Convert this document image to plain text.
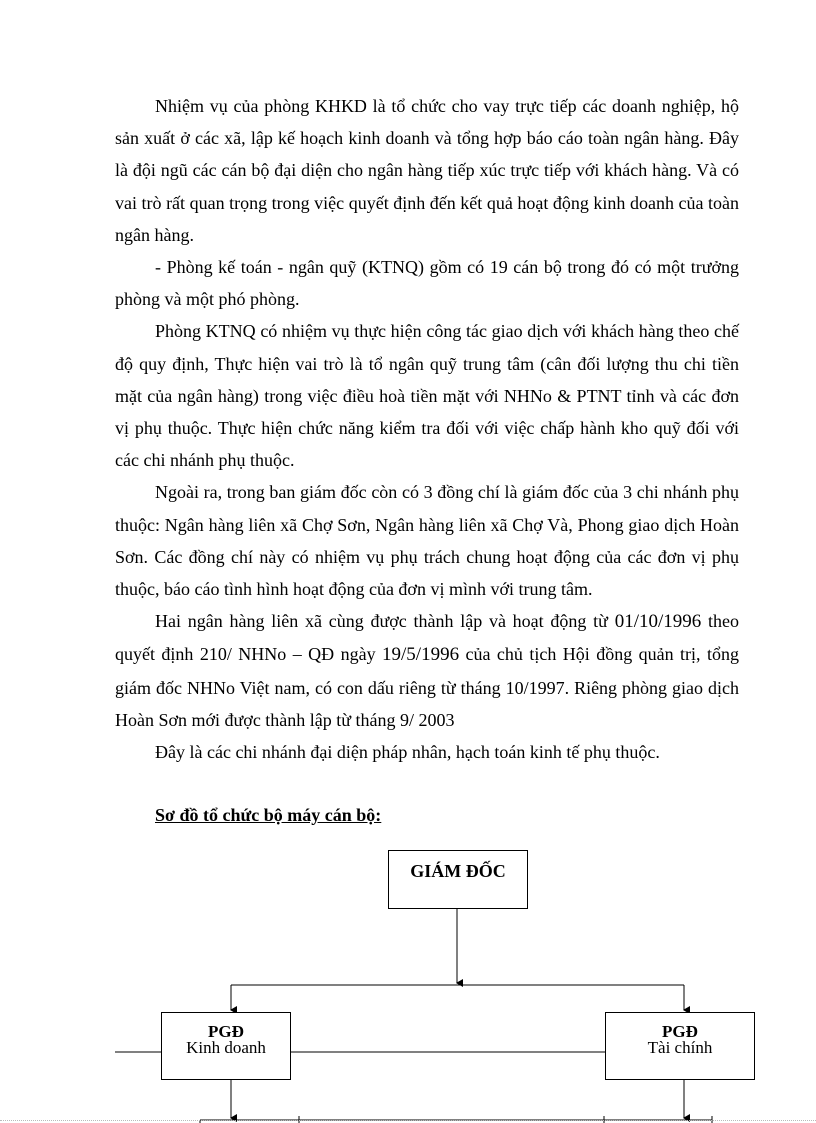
Nhiệm vụ của phòng KHKD là tổ chức cho vay trực tiếp các doanh nghiệp, hộ sản xuất ở các xã, lập kế hoạch kinh doanh và tổng hợp báo cáo toàn ngân hàng. Đây là đội ngũ các cán bộ đại diện cho ngân hàng tiếp xúc trực tiếp với khách hàng. Và có vai trò rất quan trọng trong việc quyết định đến kết quả hoạt động kinh doanh của toàn ngân hàng.

- Phòng kế toán - ngân quỹ (KTNQ) gồm có 19 cán bộ trong đó có một trưởng phòng và một phó phòng.

Phòng KTNQ có nhiệm vụ thực hiện công tác giao dịch với khách hàng theo chế độ quy định, Thực hiện vai trò là tổ ngân quỹ trung tâm (cân đối lượng thu chi tiền mặt của ngân hàng) trong việc điều hoà tiền mặt với NHNo & PTNT tỉnh và các đơn vị phụ thuộc. Thực hiện chức năng kiểm tra đối với việc chấp hành kho quỹ đối với các chi nhánh phụ thuộc.

Ngoài ra, trong ban giám đốc còn có 3 đồng chí là giám đốc của 3 chi nhánh phụ thuộc: Ngân hàng liên xã Chợ Sơn, Ngân hàng liên xã Chợ Và, Phong giao dịch Hoàn Sơn. Các đồng chí này có nhiệm vụ phụ trách chung hoạt động của các đơn vị phụ thuộc, báo cáo tình hình hoạt động của đơn vị mình với trung tâm.

Hai ngân hàng liên xã cùng được thành lập và hoạt động từ 01/10/1996 theo quyết định 210/ NHNo – QĐ ngày 19/5/1996 của chủ tịch Hội đồng quản trị, tổng giám đốc NHNo Việt nam, có con dấu riêng từ tháng 10/1997. Riêng phòng giao dịch Hoàn Sơn mới được thành lập từ tháng 9/ 2003

Đây là các chi nhánh đại diện pháp nhân, hạch toán kinh tế phụ thuộc.

Sơ đồ tổ chức bộ máy cán bộ:
GIÁM ĐỐC
PGĐ
Kinh doanh
PGĐ
Tài chính
